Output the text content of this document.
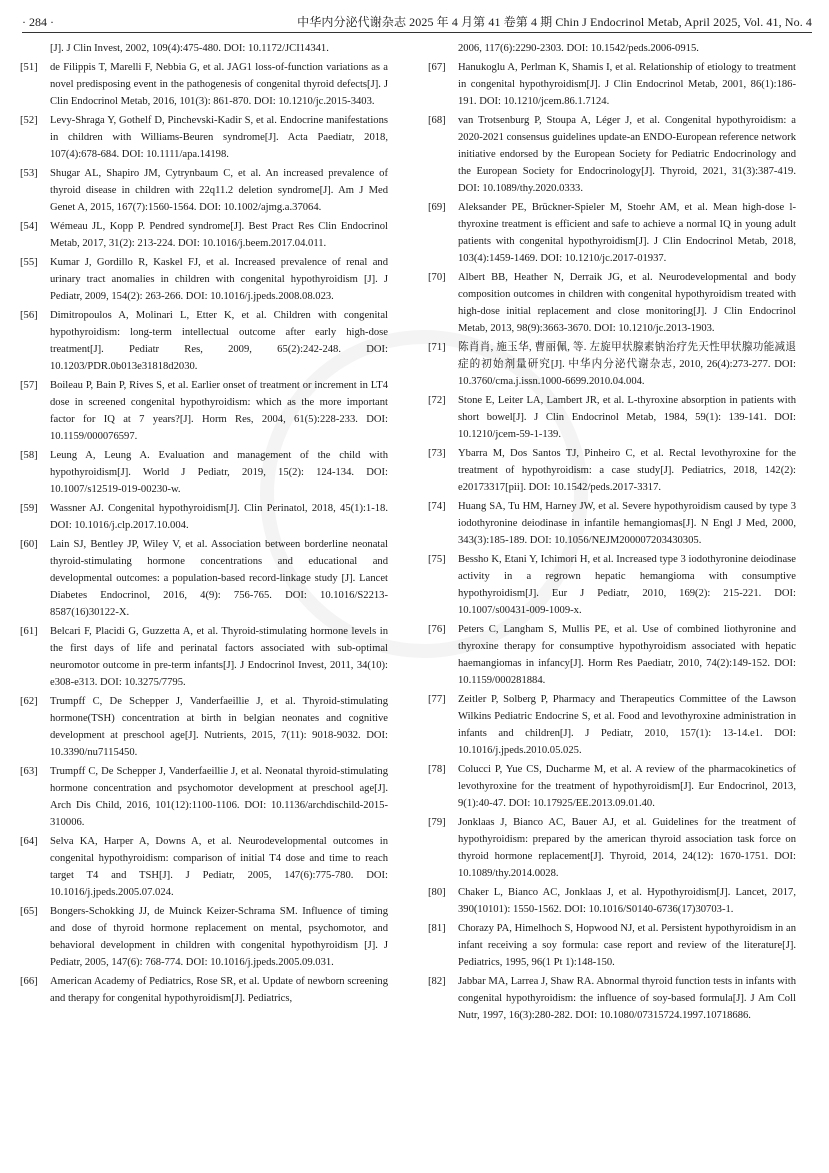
· 284 ·	中华内分泌代谢杂志 2025 年 4 月第 41 卷第 4 期 Chin J Endocrinol Metab, April 2025, Vol. 41, No. 4
[J]. J Clin Invest, 2002, 109(4):475-480. DOI: 10.1172/JCI14341.
[51]	de Filippis T, Marelli F, Nebbia G, et al. JAG1 loss-of-function variations as a novel predisposing event in the pathogenesis of congenital thyroid defects[J]. J Clin Endocrinol Metab, 2016, 101(3): 861-870. DOI: 10.1210/jc.2015-3403.
[52]	Levy-Shraga Y, Gothelf D, Pinchevski-Kadir S, et al. Endocrine manifestations in children with Williams-Beuren syndrome[J]. Acta Paediatr, 2018, 107(4):678-684. DOI: 10.1111/apa.14198.
[53]	Shugar AL, Shapiro JM, Cytrynbaum C, et al. An increased prevalence of thyroid disease in children with 22q11.2 deletion syndrome[J]. Am J Med Genet A, 2015, 167(7):1560-1564. DOI: 10.1002/ajmg.a.37064.
[54]	Wémeau JL, Kopp P. Pendred syndrome[J]. Best Pract Res Clin Endocrinol Metab, 2017, 31(2): 213-224. DOI: 10.1016/j.beem.2017.04.011.
[55]	Kumar J, Gordillo R, Kaskel FJ, et al. Increased prevalence of renal and urinary tract anomalies in children with congenital hypothyroidism [J]. J Pediatr, 2009, 154(2): 263-266. DOI: 10.1016/j.jpeds.2008.08.023.
[56]	Dimitropoulos A, Molinari L, Etter K, et al. Children with congenital hypothyroidism: long-term intellectual outcome after early high-dose treatment[J]. Pediatr Res, 2009, 65(2):242-248. DOI: 10.1203/PDR.0b013e31818d2030.
[57]	Boileau P, Bain P, Rives S, et al. Earlier onset of treatment or increment in LT4 dose in screened congenital hypothyroidism: which as the more important factor for IQ at 7 years?[J]. Horm Res, 2004, 61(5):228-233. DOI: 10.1159/000076597.
[58]	Leung A, Leung A. Evaluation and management of the child with hypothyroidism[J]. World J Pediatr, 2019, 15(2): 124-134. DOI: 10.1007/s12519-019-00230-w.
[59]	Wassner AJ. Congenital hypothyroidism[J]. Clin Perinatol, 2018, 45(1):1-18. DOI: 10.1016/j.clp.2017.10.004.
[60]	Lain SJ, Bentley JP, Wiley V, et al. Association between borderline neonatal thyroid-stimulating hormone concentrations and educational and developmental outcomes: a population-based record-linkage study [J]. Lancet Diabetes Endocrinol, 2016, 4(9): 756-765. DOI: 10.1016/S2213-8587(16)30122-X.
[61]	Belcari F, Placidi G, Guzzetta A, et al. Thyroid-stimulating hormone levels in the first days of life and perinatal factors associated with sub-optimal neuromotor outcome in pre-term infants[J]. J Endocrinol Invest, 2011, 34(10): e308-e313. DOI: 10.3275/7795.
[62]	Trumpff C, De Schepper J, Vanderfaeillie J, et al. Thyroid-stimulating hormone(TSH) concentration at birth in belgian neonates and cognitive development at preschool age[J]. Nutrients, 2015, 7(11): 9018-9032. DOI: 10.3390/nu7115450.
[63]	Trumpff C, De Schepper J, Vanderfaeillie J, et al. Neonatal thyroid-stimulating hormone concentration and psychomotor development at preschool age[J]. Arch Dis Child, 2016, 101(12):1100-1106. DOI: 10.1136/archdischild-2015-310006.
[64]	Selva KA, Harper A, Downs A, et al. Neurodevelopmental outcomes in congenital hypothyroidism: comparison of initial T4 dose and time to reach target T4 and TSH[J]. J Pediatr, 2005, 147(6):775-780. DOI: 10.1016/j.jpeds.2005.07.024.
[65]	Bongers-Schokking JJ, de Muinck Keizer-Schrama SM. Influence of timing and dose of thyroid hormone replacement on mental, psychomotor, and behavioral development in children with congenital hypothyroidism [J]. J Pediatr, 2005, 147(6): 768-774. DOI: 10.1016/j.jpeds.2005.09.031.
[66]	American Academy of Pediatrics, Rose SR, et al. Update of newborn screening and therapy for congenital hypothyroidism[J]. Pediatrics,
2006, 117(6):2290-2303. DOI: 10.1542/peds.2006-0915.
[67]	Hanukoglu A, Perlman K, Shamis I, et al. Relationship of etiology to treatment in congenital hypothyroidism[J]. J Clin Endocrinol Metab, 2001, 86(1):186-191. DOI: 10.1210/jcem.86.1.7124.
[68]	van Trotsenburg P, Stoupa A, Léger J, et al. Congenital hypothyroidism: a 2020-2021 consensus guidelines update-an ENDO-European reference network initiative endorsed by the European Society for Pediatric Endocrinology and the European Society for Endocrinology[J]. Thyroid, 2021, 31(3):387-419. DOI: 10.1089/thy.2020.0333.
[69]	Aleksander PE, Brückner-Spieler M, Stoehr AM, et al. Mean high-dose l-thyroxine treatment is efficient and safe to achieve a normal IQ in young adult patients with congenital hypothyroidism[J]. J Clin Endocrinol Metab, 2018, 103(4):1459-1469. DOI: 10.1210/jc.2017-01937.
[70]	Albert BB, Heather N, Derraik JG, et al. Neurodevelopmental and body composition outcomes in children with congenital hypothyroidism treated with high-dose initial replacement and close monitoring[J]. J Clin Endocrinol Metab, 2013, 98(9):3663-3670. DOI: 10.1210/jc.2013-1903.
[71]	陈肖肖, 施玉华, 曹丽佩, 等. 左旋甲状腺素钠治疗先天性甲状腺功能减退症的初始剂量研究[J]. 中华内分泌代谢杂志, 2010, 26(4):273-277. DOI: 10.3760/cma.j.issn.1000-6699.2010.04.004.
[72]	Stone E, Leiter LA, Lambert JR, et al. L-thyroxine absorption in patients with short bowel[J]. J Clin Endocrinol Metab, 1984, 59(1): 139-141. DOI: 10.1210/jcem-59-1-139.
[73]	Ybarra M, Dos Santos TJ, Pinheiro C, et al. Rectal levothyroxine for the treatment of hypothyroidism: a case study[J]. Pediatrics, 2018, 142(2): e20173317[pii]. DOI: 10.1542/peds.2017-3317.
[74]	Huang SA, Tu HM, Harney JW, et al. Severe hypothyroidism caused by type 3 iodothyronine deiodinase in infantile hemangiomas[J]. N Engl J Med, 2000, 343(3):185-189. DOI: 10.1056/NEJM200007203430305.
[75]	Bessho K, Etani Y, Ichimori H, et al. Increased type 3 iodothyronine deiodinase activity in a regrown hepatic hemangioma with consumptive hypothyroidism[J]. Eur J Pediatr, 2010, 169(2): 215-221. DOI: 10.1007/s00431-009-1009-x.
[76]	Peters C, Langham S, Mullis PE, et al. Use of combined liothyronine and thyroxine therapy for consumptive hypothyroidism associated with hepatic haemangiomas in infancy[J]. Horm Res Paediatr, 2010, 74(2):149-152. DOI: 10.1159/000281884.
[77]	Zeitler P, Solberg P, Pharmacy and Therapeutics Committee of the Lawson Wilkins Pediatric Endocrine S, et al. Food and levothyroxine administration in infants and children[J]. J Pediatr, 2010, 157(1): 13-14.e1. DOI: 10.1016/j.jpeds.2010.05.025.
[78]	Colucci P, Yue CS, Ducharme M, et al. A review of the pharmacokinetics of levothyroxine for the treatment of hypothyroidism[J]. Eur Endocrinol, 2013, 9(1):40-47. DOI: 10.17925/EE.2013.09.01.40.
[79]	Jonklaas J, Bianco AC, Bauer AJ, et al. Guidelines for the treatment of hypothyroidism: prepared by the american thyroid association task force on thyroid hormone replacement[J]. Thyroid, 2014, 24(12): 1670-1751. DOI: 10.1089/thy.2014.0028.
[80]	Chaker L, Bianco AC, Jonklaas J, et al. Hypothyroidism[J]. Lancet, 2017, 390(10101): 1550-1562. DOI: 10.1016/S0140-6736(17)30703-1.
[81]	Chorazy PA, Himelhoch S, Hopwood NJ, et al. Persistent hypothyroidism in an infant receiving a soy formula: case report and review of the literature[J]. Pediatrics, 1995, 96(1 Pt 1):148-150.
[82]	Jabbar MA, Larrea J, Shaw RA. Abnormal thyroid function tests in infants with congenital hypothyroidism: the influence of soy-based formula[J]. J Am Coll Nutr, 1997, 16(3):280-282. DOI: 10.1080/07315724.1997.10718686.
